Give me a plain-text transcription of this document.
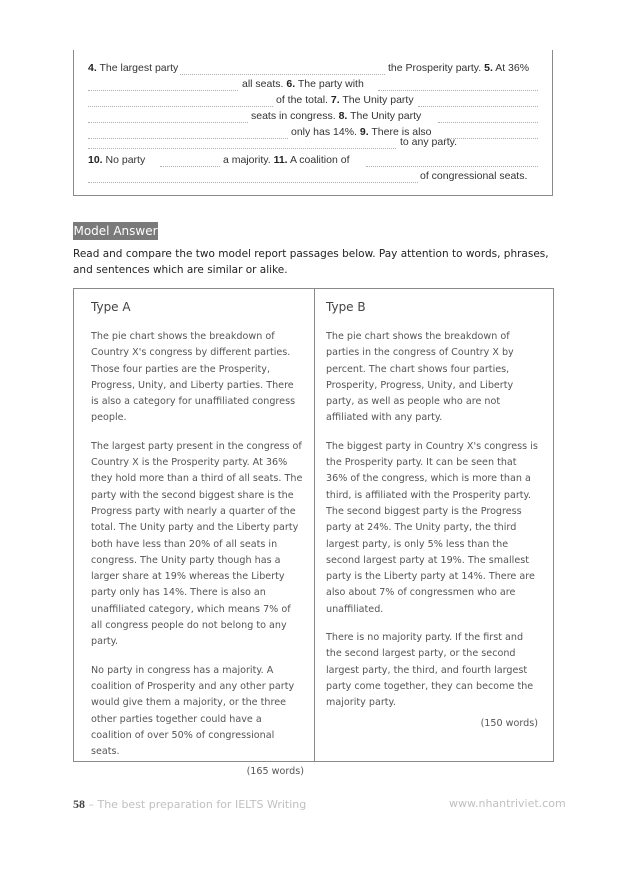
4. The largest party	the Prosperity party. 5. At 36%
all seats. 6. The party with
of the total. 7. The Unity party
seats in congress. 8. The Unity party
only has 14%. 9. There is also
to any party.
10. No party	a majority. 11. A coalition of
of congressional seats.
Model Answer
Read and compare the two model report passages below. Pay attention to words, phrases, and sentences which are similar or alike.
Type A

The pie chart shows the breakdown of Country X's congress by different parties. Those four parties are the Prosperity, Progress, Unity, and Liberty parties. There is also a category for unaffiliated congress people.

The largest party present in the congress of Country X is the Prosperity party. At 36% they hold more than a third of all seats. The party with the second biggest share is the Progress party with nearly a quarter of the total. The Unity party and the Liberty party both have less than 20% of all seats in congress. The Unity party though has a larger share at 19% whereas the Liberty party only has 14%. There is also an unaffiliated category, which means 7% of all congress people do not belong to any party.

No party in congress has a majority. A coalition of Prosperity and any other party would give them a majority, or the three other parties together could have a coalition of over 50% of congressional seats.

(165 words)

Type B

The pie chart shows the breakdown of parties in the congress of Country X by percent. The chart shows four parties, Prosperity, Progress, Unity, and Liberty party, as well as people who are not affiliated with any party.

The biggest party in Country X's congress is the Prosperity party. It can be seen that 36% of the congress, which is more than a third, is affiliated with the Prosperity party. The second biggest party is the Progress party at 24%. The Unity party, the third largest party, is only 5% less than the second largest party at 19%. The smallest party is the Liberty party at 14%. There are also about 7% of congressmen who are unaffiliated.

There is no majority party. If the first and the second largest party, or the second largest party, the third, and fourth largest party come together, they can become the majority party.

(150 words)

58 – The best preparation for IELTS Writing	www.nhantriviet.com
